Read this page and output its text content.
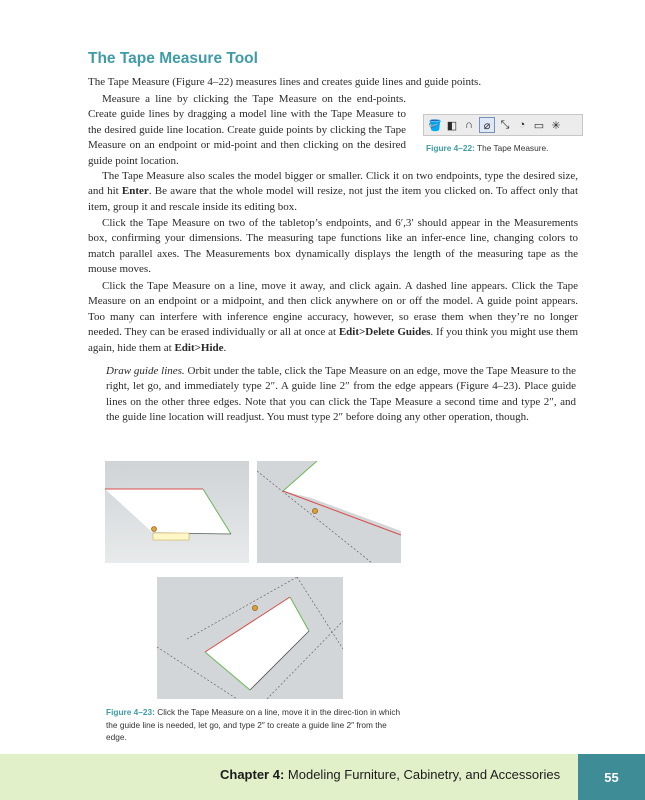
The Tape Measure Tool

The Tape Measure (Figure 4–22) measures lines and creates guide lines and guide points.

Measure a line by clicking the Tape Measure on the end-points. Create guide lines by dragging a model line with the Tape Measure to the desired guide line location. Create guide points by clicking the Tape Measure on an endpoint or mid-point and then clicking on the desired guide point location.

🪣 ◧ ∩ ⌀ ⤡ ◔ ▭ ✳

Figure 4–22: The Tape Measure.

The Tape Measure also scales the model bigger or smaller. Click it on two endpoints, type the desired size, and hit Enter. Be aware that the whole model will resize, not just the item you clicked on. To affect only that item, group it and rescale inside its editing box.

Click the Tape Measure on two of the tabletop’s endpoints, and 6′,3′ should appear in the Measurements box, confirming your dimensions. The measuring tape functions like an infer-ence line, changing colors to match parallel axes. The Measurements box dynamically displays the length of the measuring tape as the mouse moves.

Click the Tape Measure on a line, move it away, and click again. A dashed line appears. Click the Tape Measure on an endpoint or a midpoint, and then click anywhere on or off the model. A guide point appears. Too many can interfere with inference engine accuracy, however, so erase them when they’re no longer needed. They can be erased individually or all at once at Edit>Delete Guides. If you think you might use them again, hide them at Edit>Hide.

Draw guide lines. Orbit under the table, click the Tape Measure on an edge, move the Tape Measure to the right, let go, and immediately type 2″. A guide line 2″ from the edge appears (Figure 4–23). Place guide lines on the other three edges. Note that you can click the Tape Measure a second time and type 2″, and the guide line location will readjust. You must type 2″ before doing any other operation, though.

Figure 4–23: Click the Tape Measure on a line, move it in the direc-tion in which the guide line is needed, let go, and type 2″ to create a guide line 2″ from the edge.

Chapter 4: Modeling Furniture, Cabinetry, and Accessories	55
